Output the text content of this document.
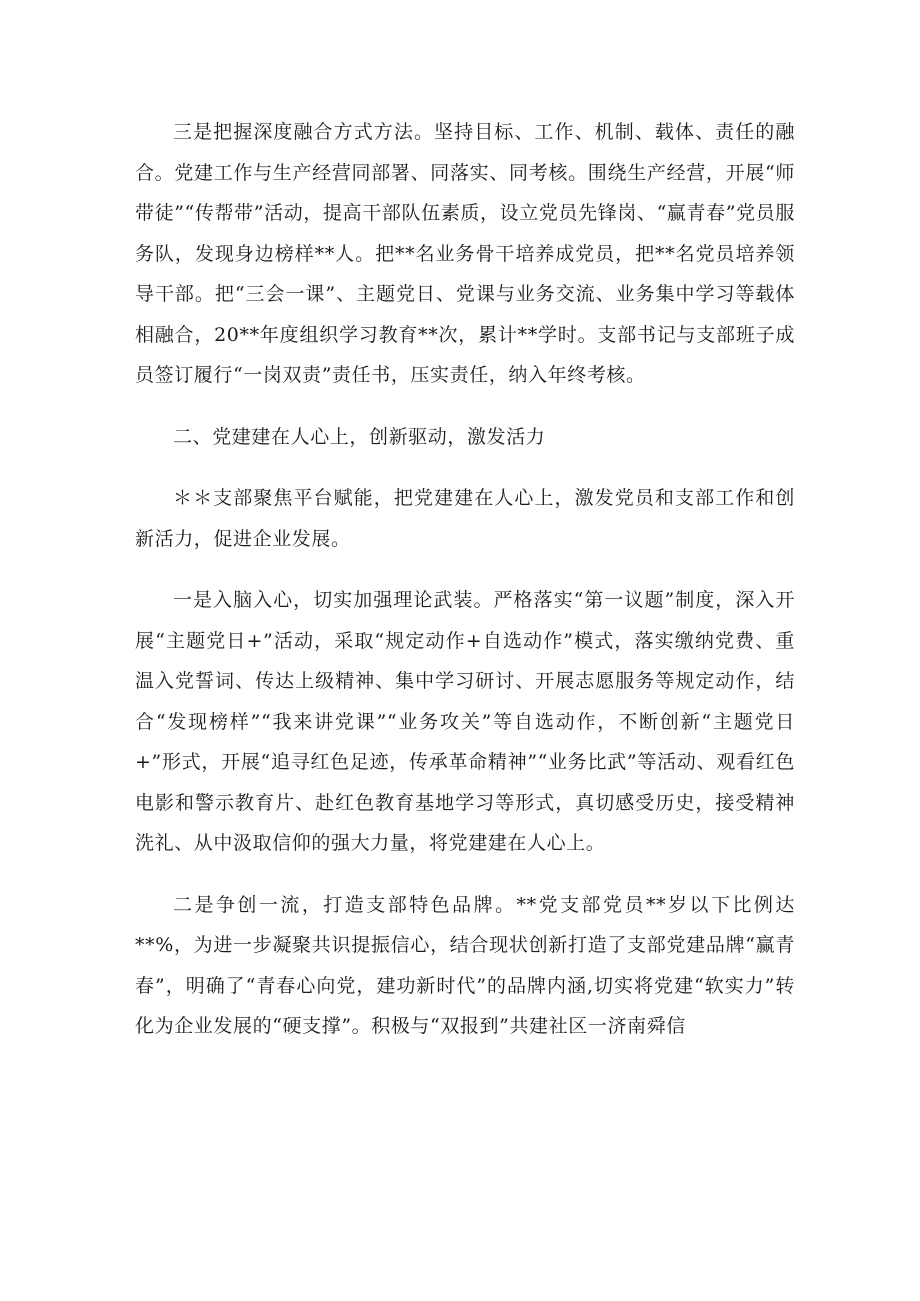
三是把握深度融合方式方法。坚持目标、工作、机制、载体、责任的融合。党建工作与生产经营同部署、同落实、同考核。围绕生产经营，开展“师带徒”“传帮带”活动，提高干部队伍素质，设立党员先锋岗、“赢青春”党员服务队，发现身边榜样**人。把**名业务骨干培养成党员，把**名党员培养领导干部。把“三会一课”、主题党日、党课与业务交流、业务集中学习等载体相融合，20**年度组织学习教育**次，累计**学时。支部书记与支部班子成员签订履行“一岗双责”责任书，压实责任，纳入年终考核。

二、党建建在人心上，创新驱动，激发活力

＊＊支部聚焦平台赋能，把党建建在人心上，激发党员和支部工作和创新活力，促进企业发展。

一是入脑入心，切实加强理论武装。严格落实“第一议题”制度，深入开展“主题党日+”活动，采取“规定动作+自选动作”模式，落实缴纳党费、重温入党誓词、传达上级精神、集中学习研讨、开展志愿服务等规定动作，结合“发现榜样”“我来讲党课”“业务攻关”等自选动作，不断创新“主题党日+”形式，开展“追寻红色足迹，传承革命精神”“业务比武”等活动、观看红色电影和警示教育片、赴红色教育基地学习等形式，真切感受历史，接受精神洗礼、从中汲取信仰的强大力量，将党建建在人心上。

二是争创一流，打造支部特色品牌。**党支部党员**岁以下比例达**%，为进一步凝聚共识提振信心，结合现状创新打造了支部党建品牌“赢青春”，明确了“青春心向党，建功新时代”的品牌内涵,切实将党建“软实力”转化为企业发展的“硬支撑”。积极与“双报到”共建社区一济南舜信
